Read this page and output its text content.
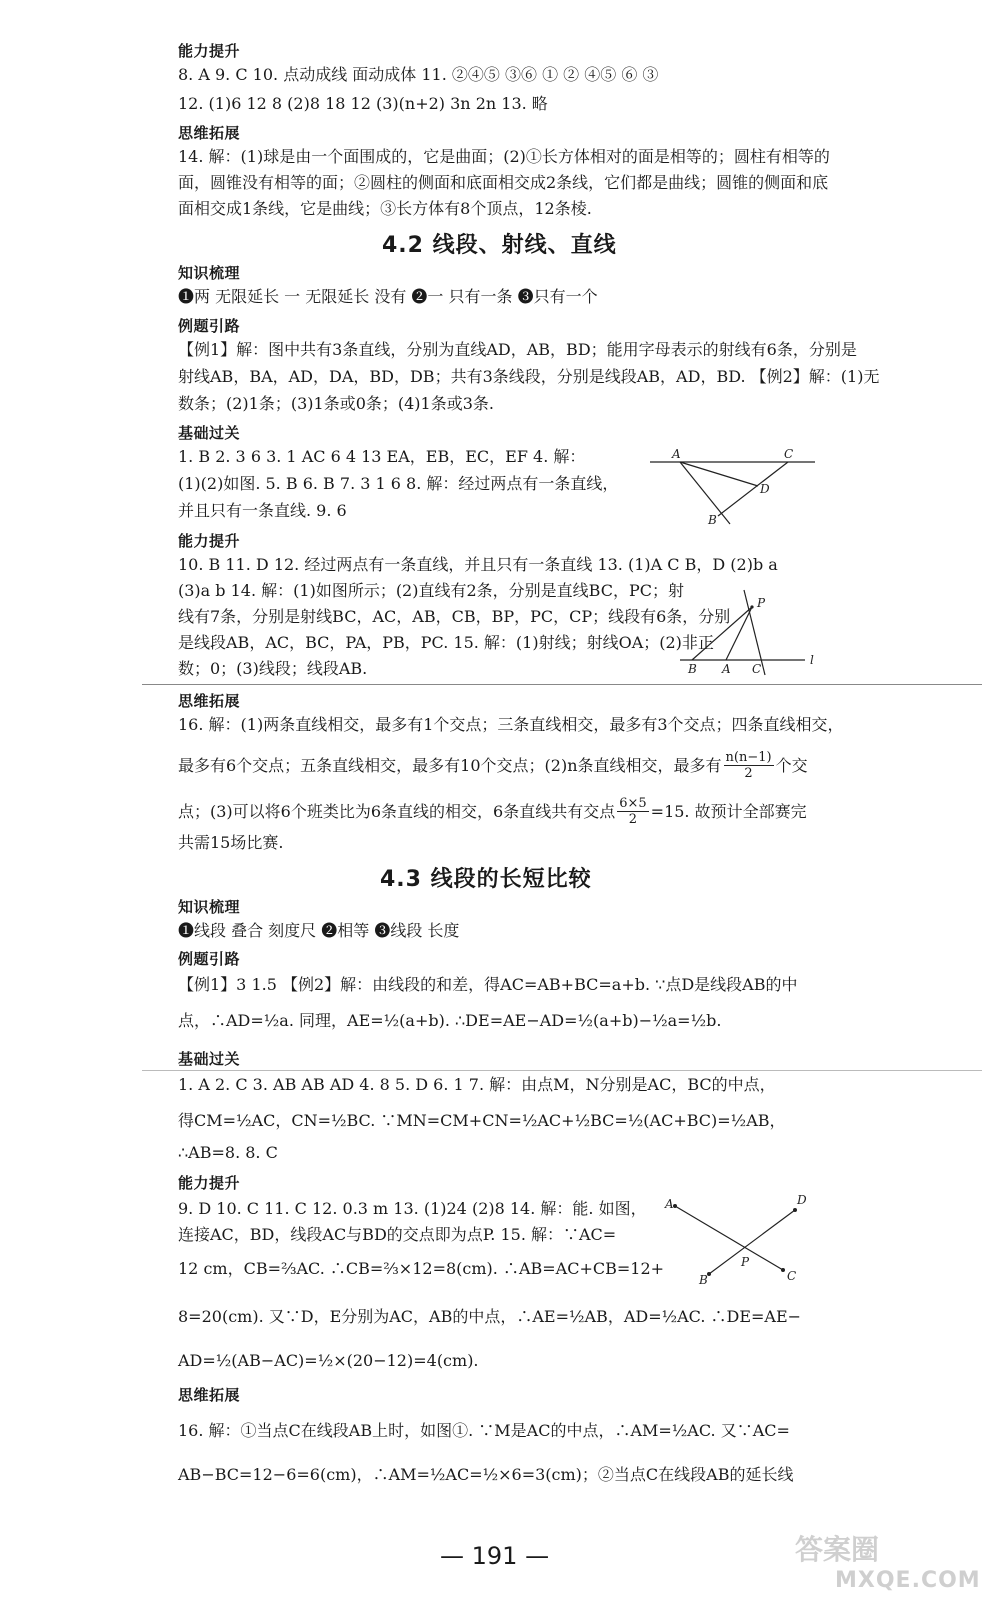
能力提升
8. A 9. C 10. 点动成线 面动成体 11. ②④⑤ ③⑥ ① ② ④⑤ ⑥ ③
12. (1)6 12 8 (2)8 18 12 (3)(n+2) 3n 2n 13. 略
思维拓展
14. 解：(1)球是由一个面围成的，它是曲面；(2)①长方体相对的面是相等的；圆柱有相等的
面，圆锥没有相等的面；②圆柱的侧面和底面相交成2条线，它们都是曲线；圆锥的侧面和底
面相交成1条线，它是曲线；③长方体有8个顶点，12条棱.
4.2 线段、射线、直线
知识梳理
❶两 无限延长 一 无限延长 没有 ❷一 只有一条 ❸只有一个
例题引路
【例1】解：图中共有3条直线，分别为直线AD，AB，BD；能用字母表示的射线有6条，分别是
射线AB，BA，AD，DA，BD，DB；共有3条线段，分别是线段AB，AD，BD. 【例2】解：(1)无
数条；(2)1条；(3)1条或0条；(4)1条或3条.
基础过关
1. B 2. 3 6 3. 1 AC 6 4 13 EA，EB，EC，EF 4. 解：
(1)(2)如图. 5. B 6. B 7. 3 1 6 8. 解：经过两点有一条直线，
并且只有一条直线. 9. 6
A	C
D
B
能力提升
10. B 11. D 12. 经过两点有一条直线，并且只有一条直线 13. (1)A C B，D (2)b a
(3)a b 14. 解：(1)如图所示；(2)直线有2条，分别是直线BC，PC；射
线有7条，分别是射线BC，AC，AB，CB，BP，PC，CP；线段有6条，分别
是线段AB，AC，BC，PA，PB，PC. 15. 解：(1)射线；射线OA；(2)非正
数；0；(3)线段；线段AB.
P
B A C
l
思维拓展
16. 解：(1)两条直线相交，最多有1个交点；三条直线相交，最多有3个交点；四条直线相交，
最多有6个交点；五条直线相交，最多有10个交点；(2)n条直线相交，最多有 $\frac{n(n-1)}{2}$ 个交
点；(3)可以将6个班类比为6条直线的相交，6条直线共有交点 $\frac{6\times 5}{2} =15$. 故预计全部赛完
共需15场比赛.
4.3 线段的长短比较
知识梳理
❶线段 叠合 刻度尺 ❷相等 ❸线段 长度
例题引路
【例1】3 1.5 【例2】解：由线段的和差，得AC=AB+BC=a+b. ∵点D是线段AB的中
点，∴AD=½a. 同理，AE=½(a+b). ∴DE=AE−AD=½(a+b)−½a=½b.
基础过关
1. A 2. C 3. AB AB AD 4. 8 5. D 6. 1 7. 解：由点M，N分别是AC，BC的中点，
得CM=½AC，CN=½BC. ∵MN=CM+CN=½AC+½BC=½(AC+BC)=½AB，
∴AB=8. 8. C
能力提升
9. D 10. C 11. C 12. 0.3 m 13. (1)24 (2)8 14. 解：能. 如图，
连接AC，BD，线段AC与BD的交点即为点P. 15. 解：∵AC=
12 cm，CB=⅔AC. ∴CB=⅔×12=8(cm). ∴AB=AC+CB=12+
8=20(cm). 又∵D，E分别为AC，AB的中点，∴AE=½AB，AD=½AC. ∴DE=AE−
AD=½(AB−AC)=½×(20−12)=4(cm).
A	D
P
B	C
思维拓展
16. 解：①当点C在线段AB上时，如图①. ∵M是AC的中点，∴AM=½AC. 又∵AC=
AB−BC=12−6=6(cm)，∴AM=½AC=½×6=3(cm)；②当点C在线段AB的延长线
— 191 —	答案圈
MXQE.COM
